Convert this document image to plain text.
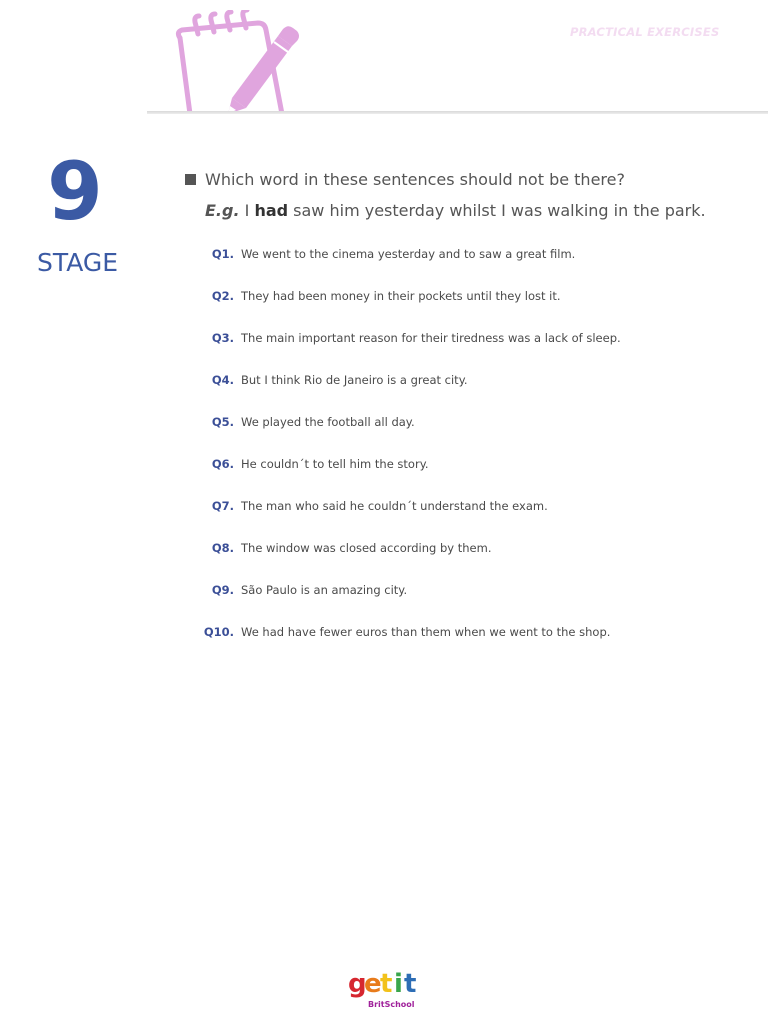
PRACTICAL EXERCISES
9
STAGE
Which word in these sentences should not be there?
E.g. I had saw him yesterday whilst I was walking in the park.
Q1. We went to the cinema yesterday and to saw a great film.
Q2. They had been money in their pockets until they lost it.
Q3. The main important reason for their tiredness was a lack of sleep.
Q4. But I think Rio de Janeiro is a great city.
Q5. We played the football all day.
Q6. He couldn´t to tell him the story.
Q7. The man who said he couldn´t understand the exam.
Q8. The window was closed according by them.
Q9. São Paulo is an amazing city.
Q10. We had have fewer euros than them when we went to the shop.
g
e t i t
BritSchool
